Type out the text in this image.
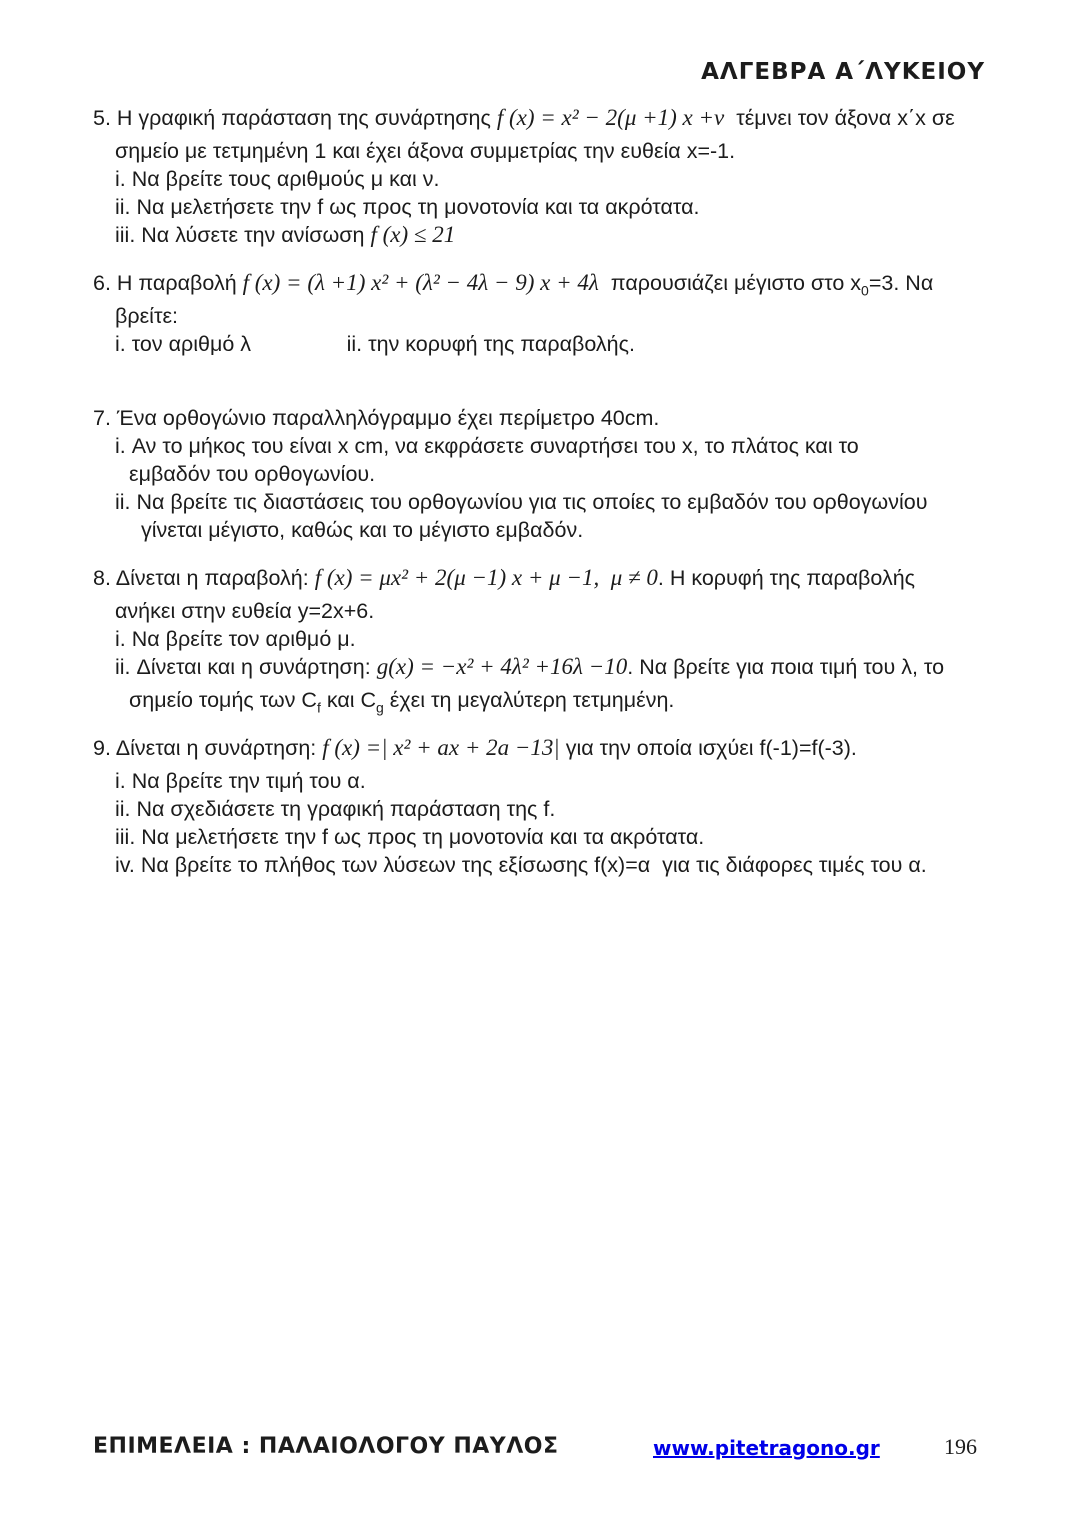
ΑΛΓΕΒΡΑ Α΄ΛΥΚΕΙΟΥ
5. Η γραφική παράσταση της συνάρτησης f (x) = x² − 2(μ +1) x +ν  τέμνει τον άξονα x΄x σε
σημείο με τετμημένη 1 και έχει άξονα συμμετρίας την ευθεία x=-1.
i. Να βρείτε τους αριθμούς μ και ν.
ii. Να μελετήσετε την f ως προς τη μονοτονία και τα ακρότατα.
iii. Να λύσετε την ανίσωση f (x) ≤ 21
6. Η παραβολή f (x) = (λ +1) x² + (λ² − 4λ − 9) x + 4λ  παρουσιάζει μέγιστο στο $x_0=3$. Να
βρείτε:
i. τον αριθμό λ                ii. την κορυφή της παραβολής.
7. Ένα ορθογώνιο παραλληλόγραμμο έχει περίμετρο 40cm.
i. Αν το μήκος του είναι x cm, να εκφράσετε συναρτήσει του x, το πλάτος και το
εμβαδόν του ορθογωνίου.
ii. Να βρείτε τις διαστάσεις του ορθογωνίου για τις οποίες το εμβαδόν του ορθογωνίου
γίνεται μέγιστο, καθώς και το μέγιστο εμβαδόν.
8. Δίνεται η παραβολή: f (x) = μx² + 2(μ −1) x + μ −1,  μ ≠ 0. Η κορυφή της παραβολής
ανήκει στην ευθεία y=2x+6.
i. Να βρείτε τον αριθμό μ.
ii. Δίνεται και η συνάρτηση: g(x) = −x² + 4λ² +16λ −10. Να βρείτε για ποια τιμή του λ, το
σημείο τομής των $C_f$ και $C_g$ έχει τη μεγαλύτερη τετμημένη.
9. Δίνεται η συνάρτηση: f (x) =| x² + ax + 2a −13| για την οποία ισχύει f(-1)=f(-3).
i. Να βρείτε την τιμή του α.
ii. Να σχεδιάσετε τη γραφική παράσταση της f.
iii. Να μελετήσετε την f ως προς τη μονοτονία και τα ακρότατα.
iv. Να βρείτε το πλήθος των λύσεων της εξίσωσης f(x)=α  για τις διάφορες τιμές του α.
ΕΠΙΜΕΛΕΙΑ : ΠΑΛΑΙΟΛΟΓΟΥ ΠΑΥΛΟΣ	www.pitetragono.gr	196
